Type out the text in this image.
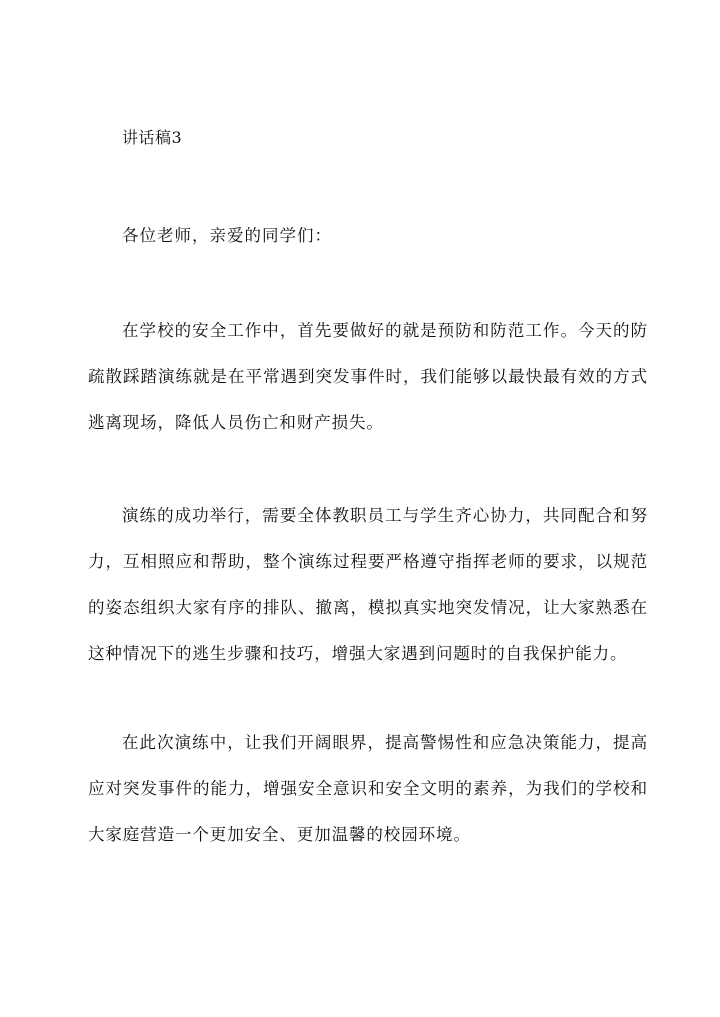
讲话稿3
各位老师，亲爱的同学们：

在学校的安全工作中，首先要做好的就是预防和防范工作。今天的防疏散踩踏演练就是在平常遇到突发事件时，我们能够以最快最有效的方式逃离现场，降低人员伤亡和财产损失。

演练的成功举行，需要全体教职员工与学生齐心协力，共同配合和努力，互相照应和帮助，整个演练过程要严格遵守指挥老师的要求，以规范的姿态组织大家有序的排队、撤离，模拟真实地突发情况，让大家熟悉在这种情况下的逃生步骤和技巧，增强大家遇到问题时的自我保护能力。

在此次演练中，让我们开阔眼界，提高警惕性和应急决策能力，提高应对突发事件的能力，增强安全意识和安全文明的素养，为我们的学校和大家庭营造一个更加安全、更加温馨的校园环境。
